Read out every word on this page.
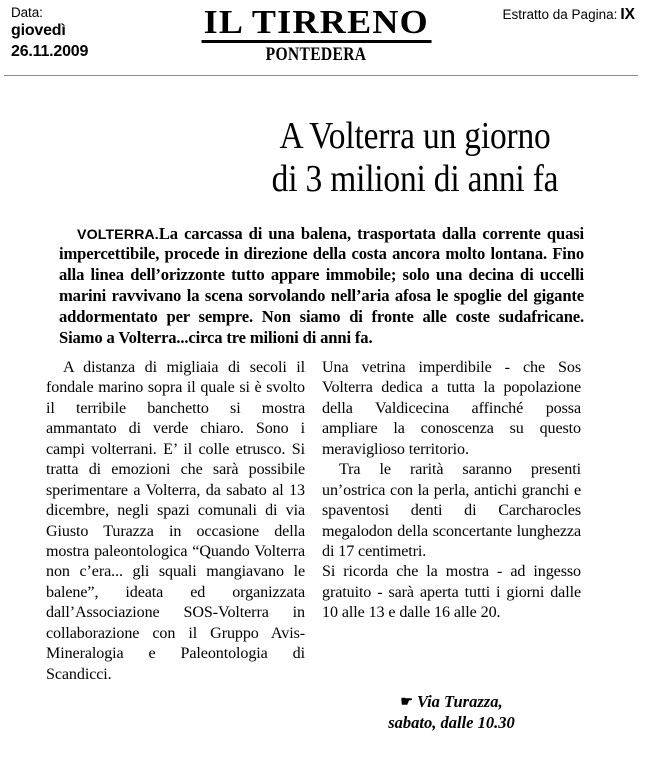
Data:
giovedì
26.11.2009
IL TIRRENO
PONTEDERA
Estratto da Pagina: IX
A Volterra un giorno
di 3 milioni di anni fa

VOLTERRA.La carcassa di una balena, trasportata dalla corrente quasi impercettibile, procede in direzione della costa ancora molto lontana. Fino alla linea dell’orizzonte tutto appare immobile; solo una decina di uccelli marini ravvivano la scena sorvolando nell’aria afosa le spoglie del gigante addormentato per sempre. Non siamo di fronte alle coste sudafricane. Siamo a Volterra...circa tre milioni di anni fa.

A distanza di migliaia di secoli il fondale marino sopra il quale si è svolto il terribile banchetto si mostra ammantato di verde chiaro. Sono i campi volterrani. E’ il colle etrusco. Si tratta di emozioni che sarà possibile sperimentare a Volterra, da sabato al 13 dicembre, negli spazi comunali di via Giusto Turazza in occasione della mostra paleontologica “Quando Volterra non c’era... gli squali mangiavano le balene”, ideata ed organizzata dall’Associazione SOS-Volterra in collaborazione con il Gruppo Avis-Mineralogia e Paleontologia di Scandicci.

Una vetrina imperdibile - che Sos Volterra dedica a tutta la popolazione della Valdicecina affinché possa ampliare la conoscenza su questo meraviglioso territorio.

Tra le rarità saranno presenti un’ostrica con la perla, antichi granchi e spaventosi denti di Carcharocles megalodon della sconcertante lunghezza di 17 centimetri.

Si ricorda che la mostra - ad ingesso gratuito - sarà aperta tutti i giorni dalle 10 alle 13 e dalle 16 alle 20.

☛ Via Turazza,
sabato, dalle 10.30
